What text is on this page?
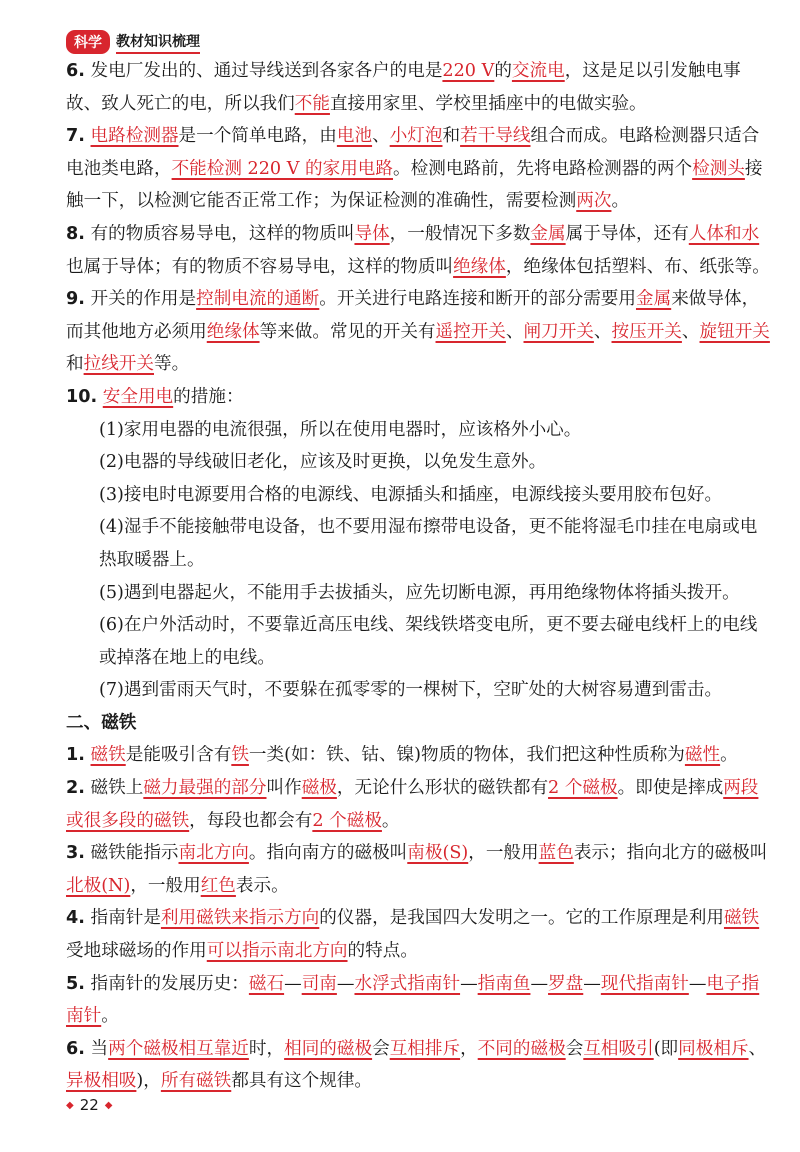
科学	教材知识梳理

6. 发电厂发出的、通过导线送到各家各户的电是220 V的交流电，这是足以引发触电事故、致人死亡的电，所以我们不能直接用家里、学校里插座中的电做实验。

7. 电路检测器是一个简单电路，由电池、小灯泡和若干导线组合而成。电路检测器只适合电池类电路，不能检测 220 V 的家用电路。检测电路前，先将电路检测器的两个检测头接触一下，以检测它能否正常工作；为保证检测的准确性，需要检测两次。

8. 有的物质容易导电，这样的物质叫导体，一般情况下多数金属属于导体，还有人体和水也属于导体；有的物质不容易导电，这样的物质叫绝缘体，绝缘体包括塑料、布、纸张等。

9. 开关的作用是控制电流的通断。开关进行电路连接和断开的部分需要用金属来做导体，而其他地方必须用绝缘体等来做。常见的开关有遥控开关、闸刀开关、按压开关、旋钮开关和拉线开关等。

10. 安全用电的措施：

(1)家用电器的电流很强，所以在使用电器时，应该格外小心。

(2)电器的导线破旧老化，应该及时更换，以免发生意外。

(3)接电时电源要用合格的电源线、电源插头和插座，电源线接头要用胶布包好。

(4)湿手不能接触带电设备，也不要用湿布擦带电设备，更不能将湿毛巾挂在电扇或电热取暖器上。

(5)遇到电器起火，不能用手去拔插头，应先切断电源，再用绝缘物体将插头拨开。

(6)在户外活动时，不要靠近高压电线、架线铁塔变电所，更不要去碰电线杆上的电线或掉落在地上的电线。

(7)遇到雷雨天气时，不要躲在孤零零的一棵树下，空旷处的大树容易遭到雷击。

二、磁铁

1. 磁铁是能吸引含有铁一类(如：铁、钴、镍)物质的物体，我们把这种性质称为磁性。

2. 磁铁上磁力最强的部分叫作磁极，无论什么形状的磁铁都有2 个磁极。即使是摔成两段或很多段的磁铁，每段也都会有2 个磁极。

3. 磁铁能指示南北方向。指向南方的磁极叫南极(S)，一般用蓝色表示；指向北方的磁极叫北极(N)，一般用红色表示。

4. 指南针是利用磁铁来指示方向的仪器，是我国四大发明之一。它的工作原理是利用磁铁受地球磁场的作用可以指示南北方向的特点。

5. 指南针的发展历史：磁石—司南—水浮式指南针—指南鱼—罗盘—现代指南针—电子指南针。

6. 当两个磁极相互靠近时，相同的磁极会互相排斥，不同的磁极会互相吸引(即同极相斥、异极相吸)，所有磁铁都具有这个规律。

◆ 22 ◆
